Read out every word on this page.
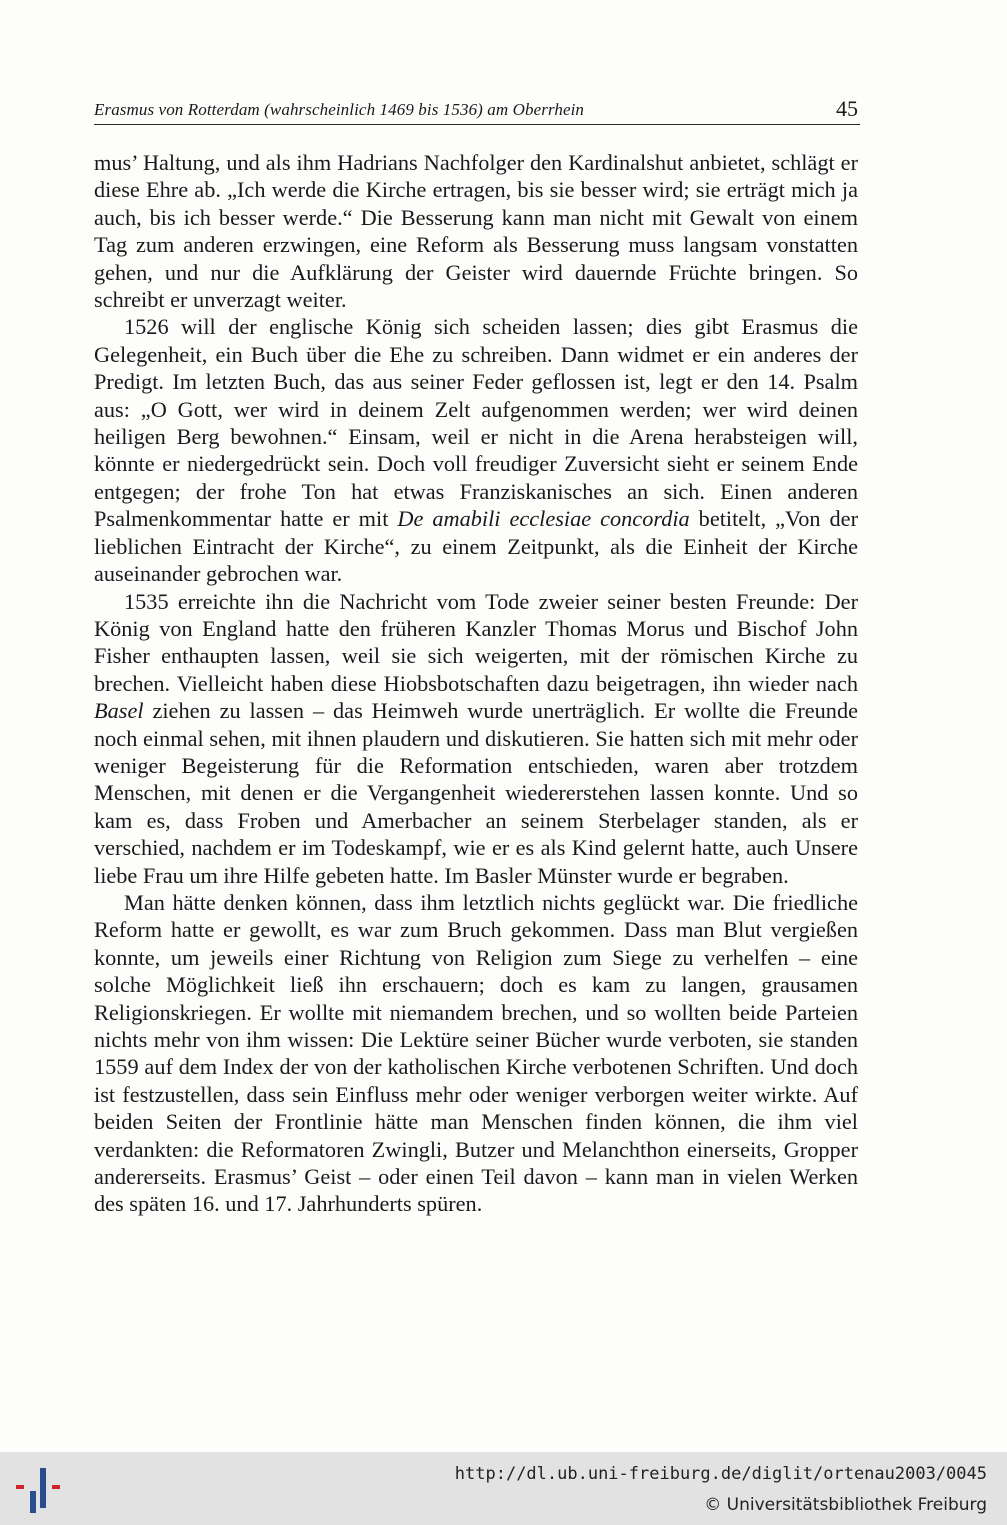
Erasmus von Rotterdam (wahrscheinlich 1469 bis 1536) am Oberrhein	45

mus’ Haltung, und als ihm Hadrians Nachfolger den Kardinalshut anbietet, schlägt er diese Ehre ab. „Ich werde die Kirche ertragen, bis sie besser wird; sie erträgt mich ja auch, bis ich besser werde.“ Die Besserung kann man nicht mit Gewalt von einem Tag zum anderen erzwingen, eine Reform als Besserung muss langsam vonstatten gehen, und nur die Aufklärung der Geister wird dauernde Früchte bringen. So schreibt er unverzagt weiter.

1526 will der englische König sich scheiden lassen; dies gibt Erasmus die Gelegenheit, ein Buch über die Ehe zu schreiben. Dann widmet er ein anderes der Predigt. Im letzten Buch, das aus seiner Feder geflossen ist, legt er den 14. Psalm aus: „O Gott, wer wird in deinem Zelt aufgenommen werden; wer wird deinen heiligen Berg bewohnen.“ Einsam, weil er nicht in die Arena herabsteigen will, könnte er niedergedrückt sein. Doch voll freudiger Zuversicht sieht er seinem Ende entgegen; der frohe Ton hat etwas Franziskanisches an sich. Einen anderen Psalmenkommentar hatte er mit De amabili ecclesiae concordia betitelt, „Von der lieblichen Eintracht der Kirche“, zu einem Zeitpunkt, als die Einheit der Kirche auseinander gebrochen war.

1535 erreichte ihn die Nachricht vom Tode zweier seiner besten Freunde: Der König von England hatte den früheren Kanzler Thomas Morus und Bischof John Fisher enthaupten lassen, weil sie sich weigerten, mit der römischen Kirche zu brechen. Vielleicht haben diese Hiobsbotschaften dazu beigetragen, ihn wieder nach Basel ziehen zu lassen – das Heimweh wurde unerträglich. Er wollte die Freunde noch einmal sehen, mit ihnen plaudern und diskutieren. Sie hatten sich mit mehr oder weniger Begeisterung für die Reformation entschieden, waren aber trotzdem Menschen, mit denen er die Vergangenheit wiedererstehen lassen konnte. Und so kam es, dass Froben und Amerbacher an seinem Sterbelager standen, als er verschied, nachdem er im Todeskampf, wie er es als Kind gelernt hatte, auch Unsere liebe Frau um ihre Hilfe gebeten hatte. Im Basler Münster wurde er begraben.

Man hätte denken können, dass ihm letztlich nichts geglückt war. Die friedliche Reform hatte er gewollt, es war zum Bruch gekommen. Dass man Blut vergießen konnte, um jeweils einer Richtung von Religion zum Siege zu verhelfen – eine solche Möglichkeit ließ ihn erschauern; doch es kam zu langen, grausamen Religionskriegen. Er wollte mit niemandem brechen, und so wollten beide Parteien nichts mehr von ihm wissen: Die Lektüre seiner Bücher wurde verboten, sie standen 1559 auf dem Index der von der katholischen Kirche verbotenen Schriften. Und doch ist festzustellen, dass sein Einfluss mehr oder weniger verborgen weiter wirkte. Auf beiden Seiten der Frontlinie hätte man Menschen finden können, die ihm viel verdankten: die Reformatoren Zwingli, Butzer und Melanchthon einerseits, Gropper andererseits. Erasmus’ Geist – oder einen Teil davon – kann man in vielen Werken des späten 16. und 17. Jahrhunderts spüren.

http://dl.ub.uni-freiburg.de/diglit/ortenau2003/0045
© Universitätsbibliothek Freiburg
